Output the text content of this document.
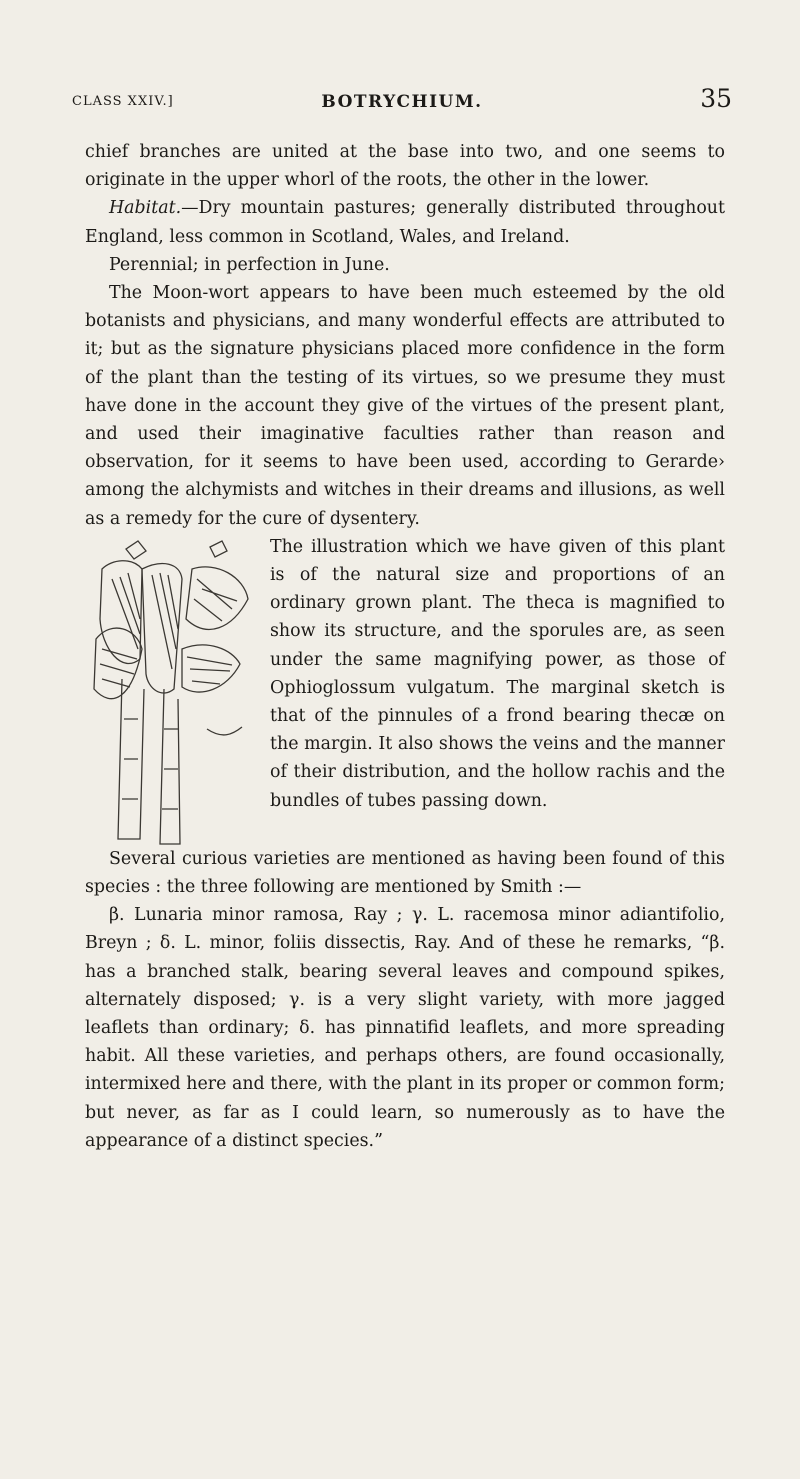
CLASS XXIV.]	BOTRYCHIUM.	35

chief branches are united at the base into two, and one seems to originate in the upper whorl of the roots, the other in the lower.

Habitat.—Dry mountain pastures; generally distributed throughout England, less common in Scotland, Wales, and Ireland.

Perennial; in perfection in June.

The Moon-wort appears to have been much esteemed by the old botanists and physicians, and many wonderful effects are attributed to it; but as the signature physicians placed more confidence in the form of the plant than the testing of its virtues, so we presume they must have done in the account they give of the virtues of the present plant, and used their imaginative faculties rather than reason and observation, for it seems to have been used, according to Gerarde› among the alchymists and witches in their dreams and illusions, as well as a remedy for the cure of dysentery.

The illustration which we have given of this plant is of the natural size and proportions of an ordinary grown plant. The theca is magnified to show its structure, and the sporules are, as seen under the same magnifying power, as those of Ophioglossum vulgatum. The marginal sketch is that of the pinnules of a frond bearing thecæ on the margin. It also shows the veins and the manner of their distribution, and the hollow rachis and the bundles of tubes passing down.

Several curious varieties are mentioned as having been found of this species : the three following are mentioned by Smith :—

β. Lunaria minor ramosa, Ray ; γ. L. racemosa minor adiantifolio, Breyn ; δ. L. minor, foliis dissectis, Ray. And of these he remarks, “β. has a branched stalk, bearing several leaves and compound spikes, alternately disposed; γ. is a very slight variety, with more jagged leaflets than ordinary; δ. has pinnatifid leaflets, and more spreading habit. All these varieties, and perhaps others, are found occasionally, intermixed here and there, with the plant in its proper or common form; but never, as far as I could learn, so numerously as to have the appearance of a distinct species.”
